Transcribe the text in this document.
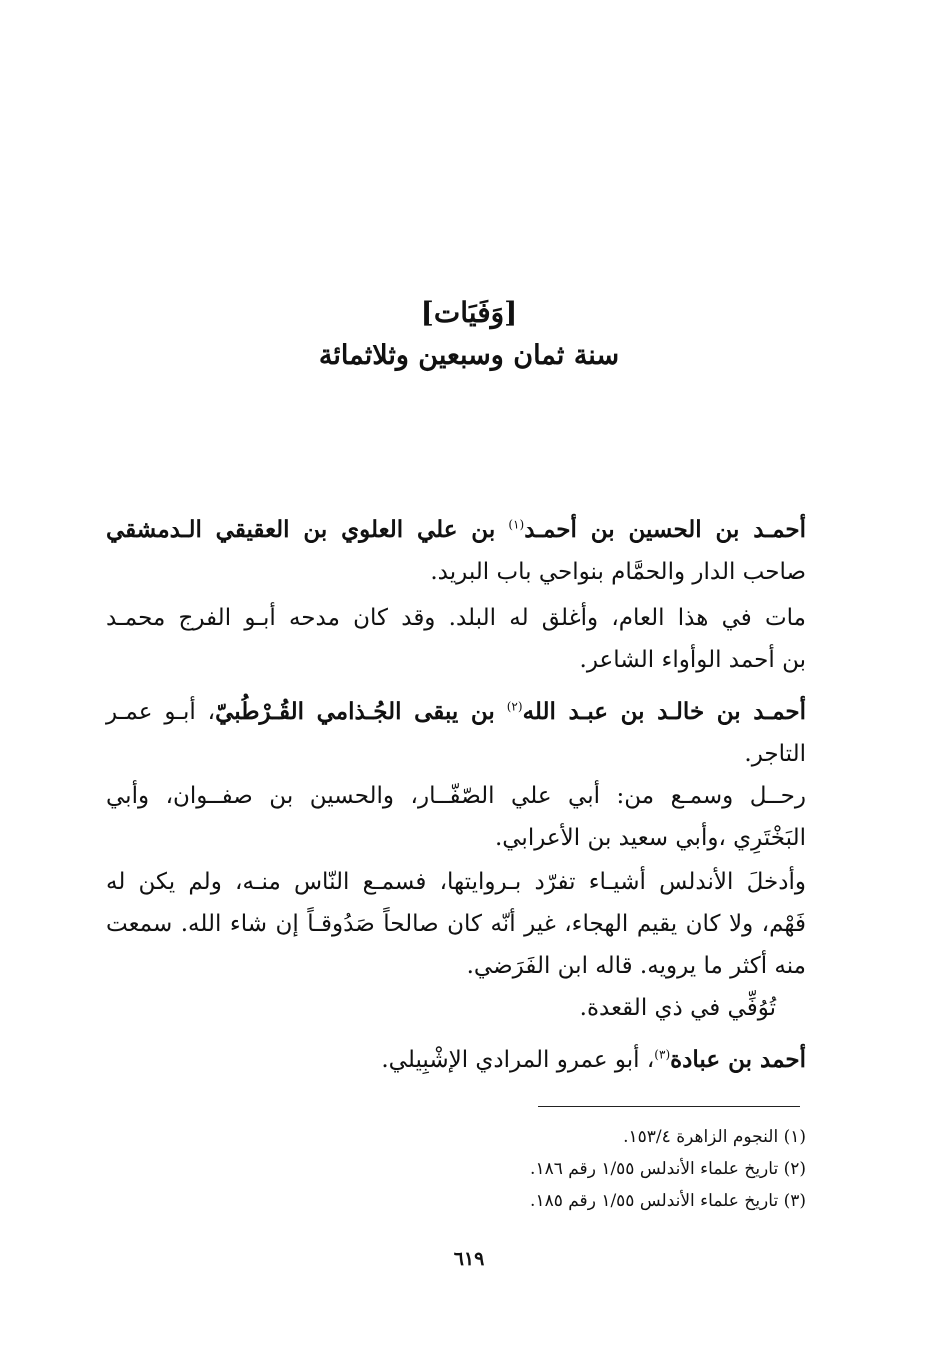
[وَفَيَات]
سنة ثمان وسبعين وثلاثمائة
أحمـد بن الحسين بن أحمـد$^{(١)}$ بن علي العلوي بن العقيقي الـدمشقي
صاحب الدار والحمَّام بنواحي باب البريد.
مات في هذا العام، وأغلق له البلد. وقد كان مدحه أبـو الفرج محمـد
بن أحمد الوأواء الشاعر.
أحمـد بن خالـد بن عبـد الله$^{(٢)}$ بن يبقى الجُـذامي القُـرْطُبيّ، أبـو عمـر
التاجر.
رحــل وسمـع من: أبي علي الصّفّــار، والحسين بن صفــوان، وأبي
البَخْتَرِي ،وأبي سعيد بن الأعرابي.
وأدخلَ الأندلس أشيـاء تفرّد بـروايتها، فسمـع النّاس منـه، ولم يكن له
فَهْم، ولا كان يقيم الهجاء، غير أنّه كان صالحاً صَدُوقـاً إن شاء الله. سمعت
منه أكثر ما يرويه. قاله ابن الفَرَضي.
تُوُفِّي في ذي القعدة.
أحمد بن عبادة$^{(٣)}$، أبو عمرو المرادي الإشْبِيلي.
(١) النجوم الزاهرة ١٥٣/٤.
(٢) تاريخ علماء الأندلس ١/٥٥ رقم ١٨٦.
(٣) تاريخ علماء الأندلس ١/٥٥ رقم ١٨٥.
٦١٩
